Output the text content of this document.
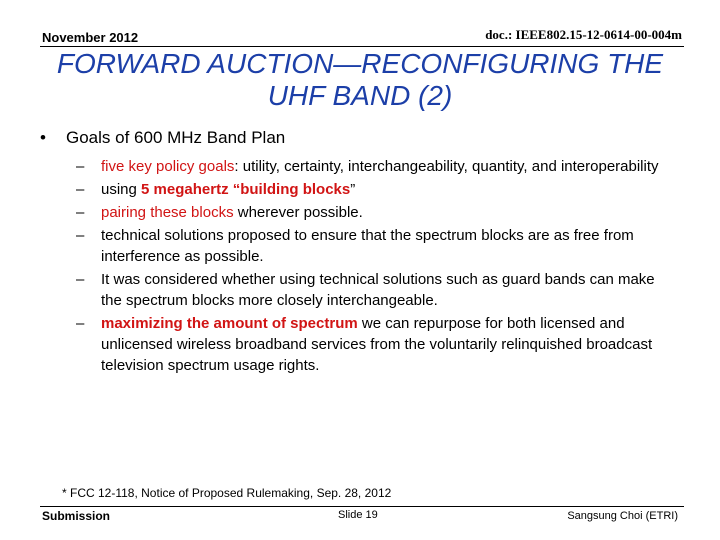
November 2012	doc.: IEEE802.15-12-0614-00-004m
FORWARD AUCTION—RECONFIGURING THE
UHF BAND (2)
• Goals of 600 MHz Band Plan
– five key policy goals: utility, certainty, interchangeability, quantity, and interoperability
– using 5 megahertz “building blocks”
– pairing these blocks wherever possible.
– technical solutions proposed to ensure that the spectrum blocks are as free from interference as possible.
– It was considered whether using technical solutions such as guard bands can make the spectrum blocks more closely interchangeable.
– maximizing the amount of spectrum we can repurpose for both licensed and unlicensed wireless broadband services from the voluntarily relinquished broadcast television spectrum usage rights.
* FCC 12-118, Notice of Proposed Rulemaking, Sep. 28, 2012
Submission	Slide 19	Sangsung Choi (ETRI)
